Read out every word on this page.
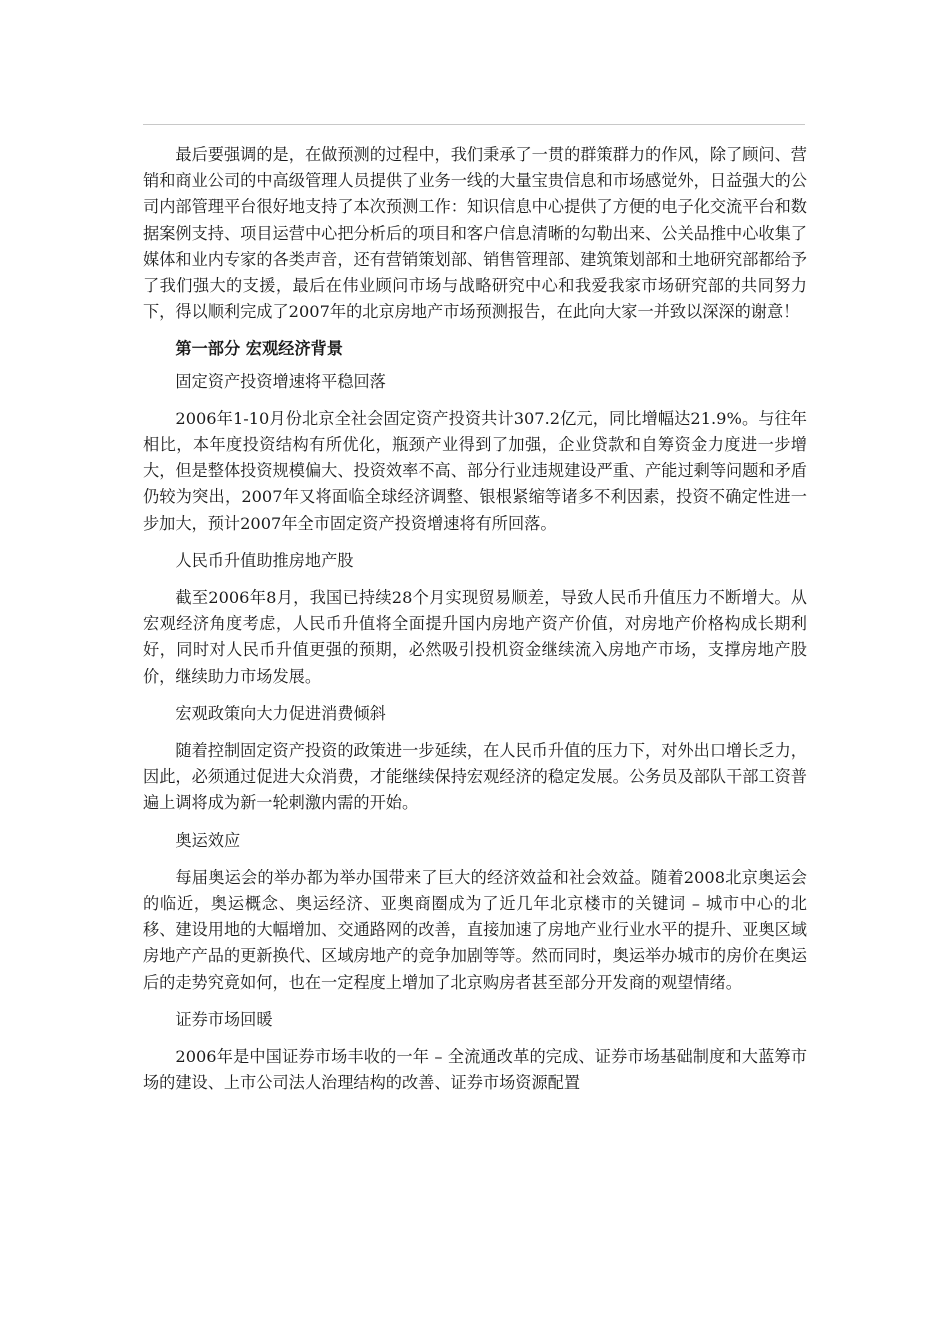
最后要强调的是，在做预测的过程中，我们秉承了一贯的群策群力的作风，除了顾问、营销和商业公司的中高级管理人员提供了业务一线的大量宝贵信息和市场感觉外，日益强大的公司内部管理平台很好地支持了本次预测工作：知识信息中心提供了方便的电子化交流平台和数据案例支持、项目运营中心把分析后的项目和客户信息清晰的勾勒出来、公关品推中心收集了媒体和业内专家的各类声音，还有营销策划部、销售管理部、建筑策划部和土地研究部都给予了我们强大的支援，最后在伟业顾问市场与战略研究中心和我爱我家市场研究部的共同努力下，得以顺利完成了2007年的北京房地产市场预测报告，在此向大家一并致以深深的谢意！

第一部分 宏观经济背景

固定资产投资增速将平稳回落

2006年1-10月份北京全社会固定资产投资共计307.2亿元，同比增幅达21.9%。与往年相比，本年度投资结构有所优化，瓶颈产业得到了加强，企业贷款和自筹资金力度进一步增大，但是整体投资规模偏大、投资效率不高、部分行业违规建设严重、产能过剩等问题和矛盾仍较为突出，2007年又将面临全球经济调整、银根紧缩等诸多不利因素，投资不确定性进一步加大，预计2007年全市固定资产投资增速将有所回落。

人民币升值助推房地产股

截至2006年8月，我国已持续28个月实现贸易顺差，导致人民币升值压力不断增大。从宏观经济角度考虑，人民币升值将全面提升国内房地产资产价值，对房地产价格构成长期利好，同时对人民币升值更强的预期，必然吸引投机资金继续流入房地产市场，支撑房地产股价，继续助力市场发展。

宏观政策向大力促进消费倾斜

随着控制固定资产投资的政策进一步延续，在人民币升值的压力下，对外出口增长乏力，因此，必须通过促进大众消费，才能继续保持宏观经济的稳定发展。公务员及部队干部工资普遍上调将成为新一轮刺激内需的开始。

奥运效应

每届奥运会的举办都为举办国带来了巨大的经济效益和社会效益。随着2008北京奥运会的临近，奥运概念、奥运经济、亚奥商圈成为了近几年北京楼市的关键词 – 城市中心的北移、建设用地的大幅增加、交通路网的改善，直接加速了房地产业行业水平的提升、亚奥区域房地产产品的更新换代、区域房地产的竞争加剧等等。然而同时，奥运举办城市的房价在奥运后的走势究竟如何，也在一定程度上增加了北京购房者甚至部分开发商的观望情绪。

证券市场回暖

2006年是中国证券市场丰收的一年 – 全流通改革的完成、证券市场基础制度和大蓝筹市场的建设、上市公司法人治理结构的改善、证券市场资源配置
